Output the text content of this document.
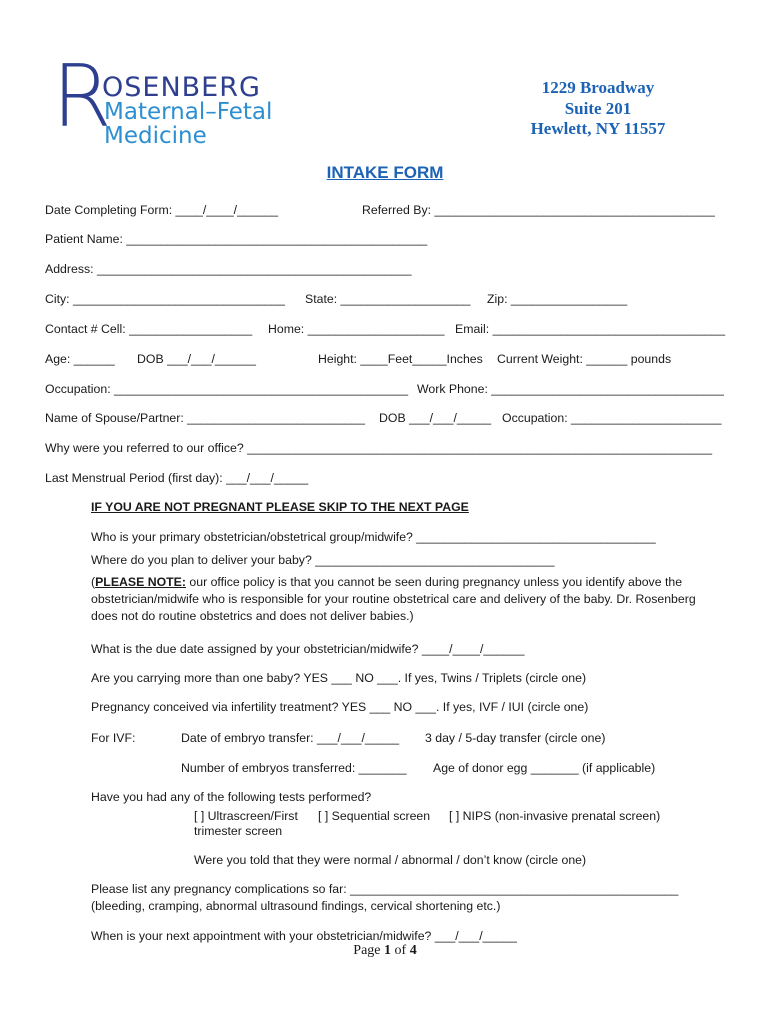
R
OSENBERG
Maternal–Fetal
Medicine
1229 Broadway
Suite 201
Hewlett, NY 11557
INTAKE FORM
Date Completing Form: ____/____/______	Referred By: _________________________________________
Patient Name: ____________________________________________
Address: ______________________________________________
City: _______________________________ State: ___________________ Zip: _________________
Contact # Cell: __________________ Home: ____________________ Email: __________________________________
Age: ______ DOB ___/___/______	Height: ____Feet_____Inches Current Weight: ______ pounds
Occupation: ___________________________________________ Work Phone: __________________________________
Name of Spouse/Partner: __________________________ DOB ___/___/_____ Occupation: ______________________
Why were you referred to our office? ____________________________________________________________________
Last Menstrual Period (first day): ___/___/_____
IF YOU ARE NOT PREGNANT PLEASE SKIP TO THE NEXT PAGE
Who is your primary obstetrician/obstetrical group/midwife? ___________________________________
Where do you plan to deliver your baby? ___________________________________
(PLEASE NOTE: our office policy is that you cannot be seen during pregnancy unless you identify above the
obstetrician/midwife who is responsible for your routine obstetrical care and delivery of the baby. Dr. Rosenberg
does not do routine obstetrics and does not deliver babies.)
What is the due date assigned by your obstetrician/midwife? ____/____/______
Are you carrying more than one baby? YES ___ NO ___. If yes, Twins / Triplets (circle one)
Pregnancy conceived via infertility treatment? YES ___ NO ___. If yes, IVF / IUI (circle one)
For IVF:	Date of embryo transfer: ___/___/_____ 3 day / 5-day transfer (circle one)
Number of embryos transferred: _______ Age of donor egg _______ (if applicable)
Have you had any of the following tests performed?
[ ] Ultrascreen/First
trimester screen
[ ] Sequential screen [ ] NIPS (non-invasive prenatal screen)
Were you told that they were normal / abnormal / don’t know (circle one)
Please list any pregnancy complications so far: ________________________________________________
(bleeding, cramping, abnormal ultrasound findings, cervical shortening etc.)
When is your next appointment with your obstetrician/midwife? ___/___/_____
Page 1 of 4
